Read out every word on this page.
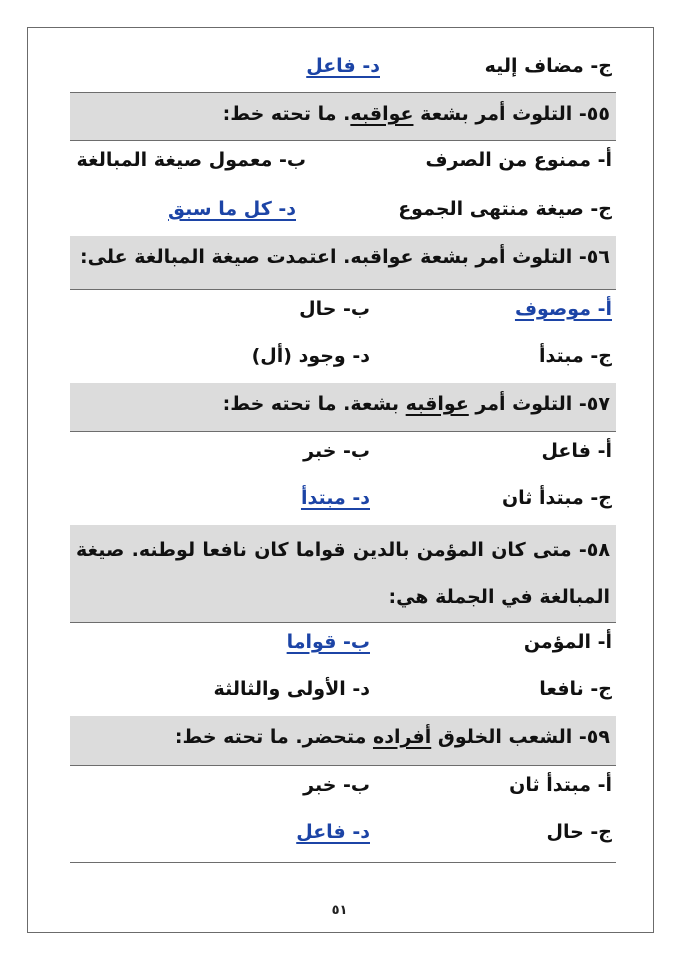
ج- مضاف إليه
د- فاعل
٥٥- التلوث أمر بشعة عواقبه. ما تحته خط:
أ- ممنوع من الصرف
ب- معمول صيغة المبالغة
ج- صيغة منتهى الجموع
د- كل ما سبق
٥٦- التلوث أمر بشعة عواقبه. اعتمدت صيغة المبالغة على:
أ- موصوف
ب- حال
ج- مبتدأ
د- وجود (أل)
٥٧- التلوث أمر عواقبه بشعة. ما تحته خط:
أ- فاعل
ب- خبر
ج- مبتدأ ثان
د- مبتدأ
٥٨- متى كان المؤمن بالدين قواما كان نافعا لوطنه. صيغة المبالغة في الجملة هي:
أ- المؤمن
ب- قواما
ج- نافعا
د- الأولى والثالثة
٥٩- الشعب الخلوق أفراده متحضر. ما تحته خط:
أ- مبتدأ ثان
ب- خبر
ج- حال
د- فاعل
٥١
